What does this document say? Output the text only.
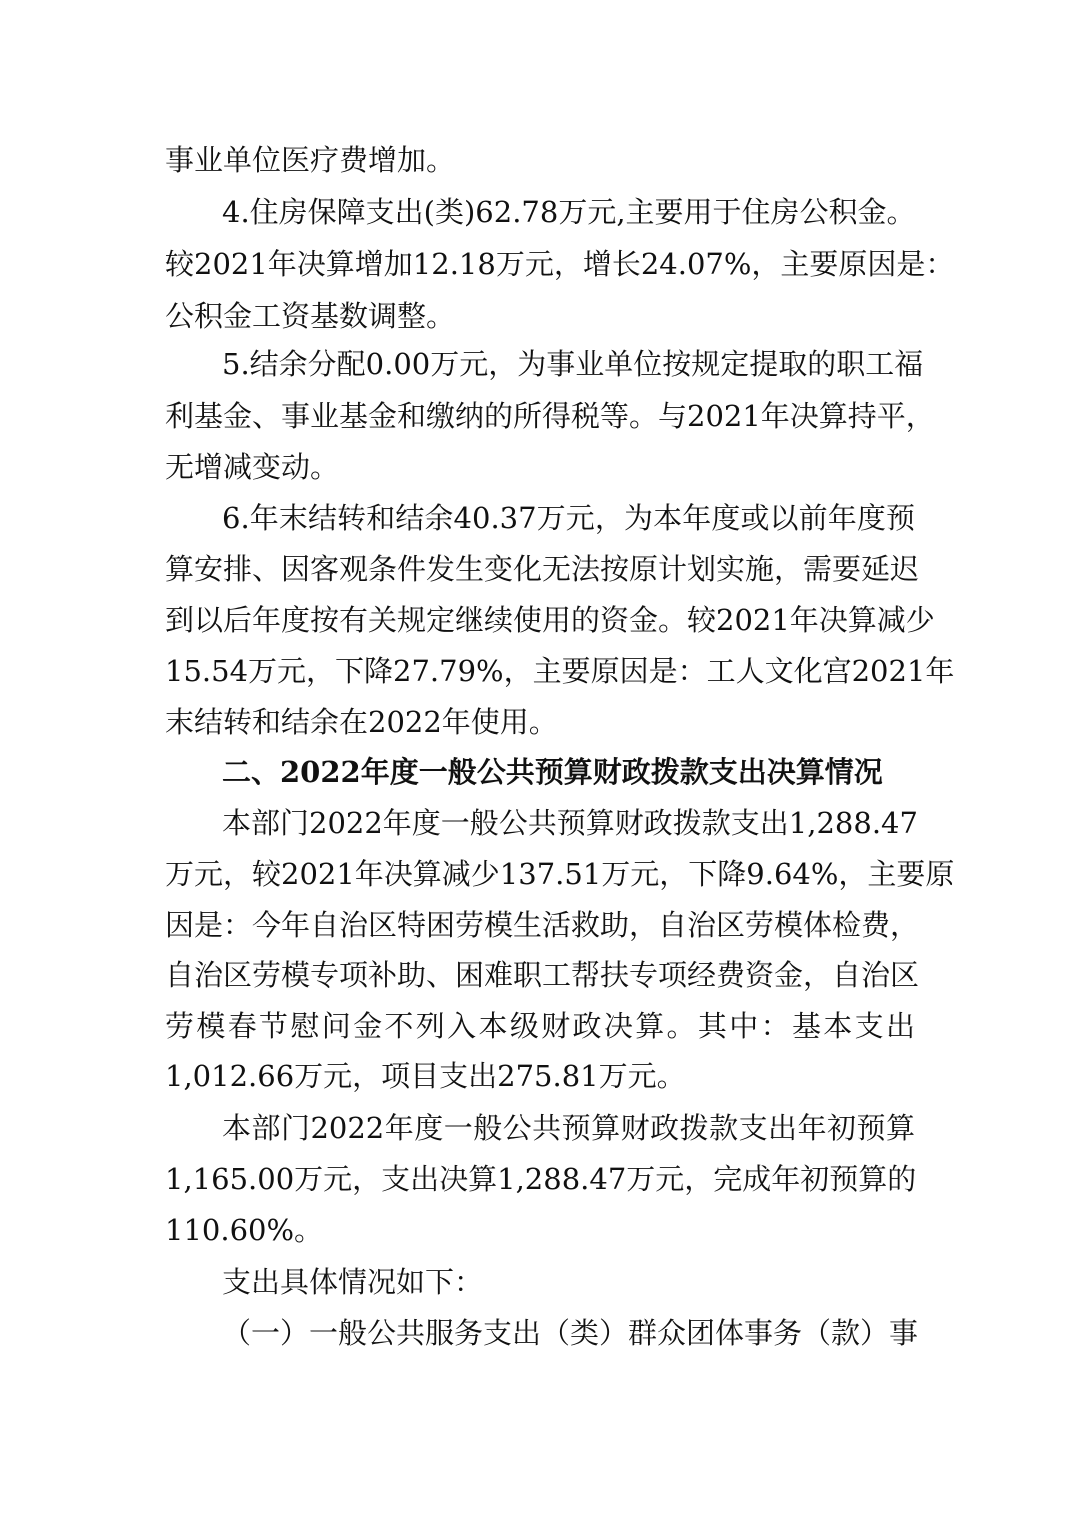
事业单位医疗费增加。
4.住房保障支出(类)62.78万元,主要用于住房公积金。
较2021年决算增加12.18万元，增长24.07%，主要原因是：
公积金工资基数调整。
5.结余分配0.00万元，为事业单位按规定提取的职工福
利基金、事业基金和缴纳的所得税等。与2021年决算持平，
无增减变动。
6.年末结转和结余40.37万元，为本年度或以前年度预
算安排、因客观条件发生变化无法按原计划实施，需要延迟
到以后年度按有关规定继续使用的资金。较2021年决算减少
15.54万元，下降27.79%，主要原因是：工人文化宫2021年
末结转和结余在2022年使用。
二、2022年度一般公共预算财政拨款支出决算情况
本部门2022年度一般公共预算财政拨款支出1,288.47
万元，较2021年决算减少137.51万元，下降9.64%，主要原
因是：今年自治区特困劳模生活救助，自治区劳模体检费，
自治区劳模专项补助、困难职工帮扶专项经费资金，自治区
劳模春节慰问金不列入本级财政决算。其中：基本支出
1,012.66万元，项目支出275.81万元。
本部门2022年度一般公共预算财政拨款支出年初预算
1,165.00万元，支出决算1,288.47万元，完成年初预算的
110.60%。
支出具体情况如下：
（一）一般公共服务支出（类）群众团体事务（款）事
